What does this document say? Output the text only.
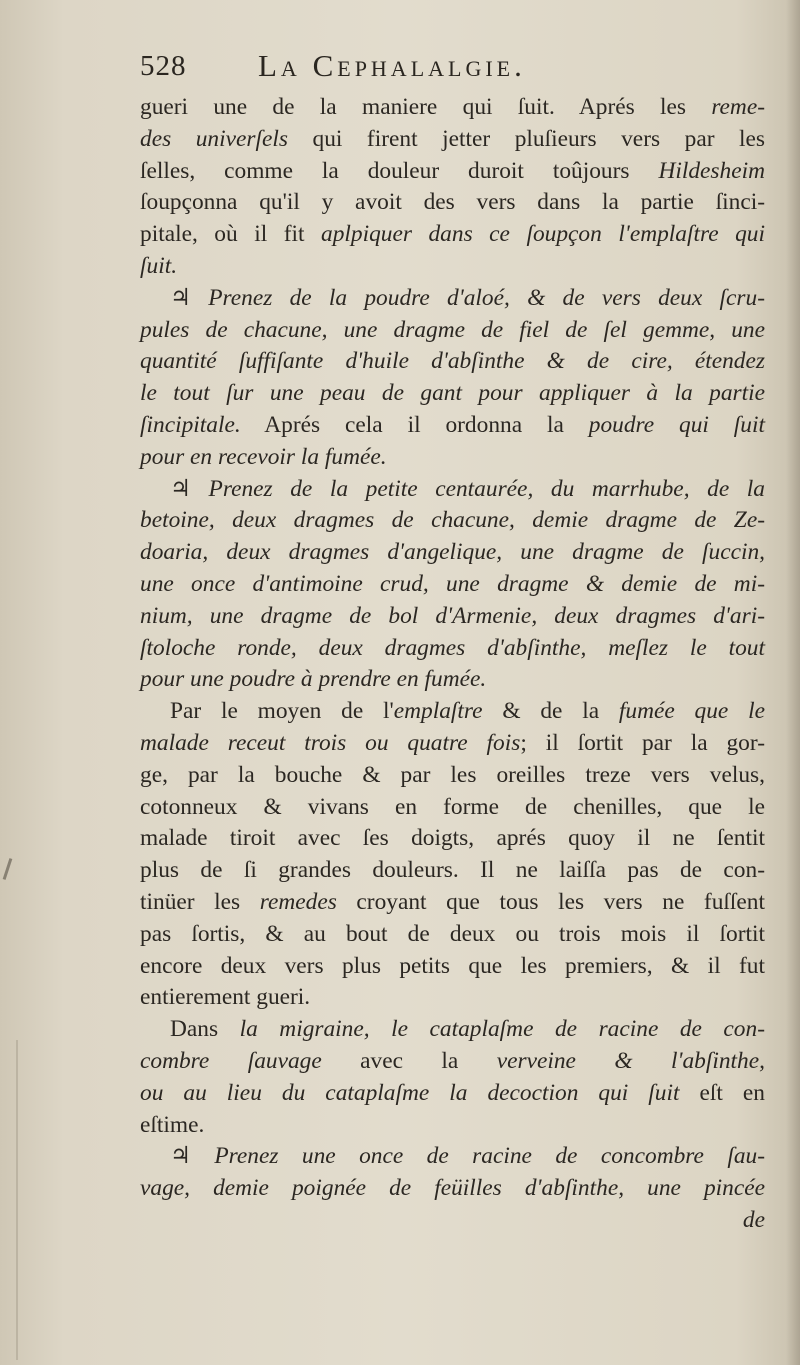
528 La Cephalalgie.
gueri une de la maniere qui ſuit. Aprés les reme-
des univerſels qui firent jetter pluſieurs vers par les
ſelles, comme la douleur duroit toûjours Hildesheim
ſoupçonna qu'il y avoit des vers dans la partie ſinci-
pitale, où il fit aplpiquer dans ce ſoupçon l'emplaſtre qui
ſuit.
♃ Prenez de la poudre d'aloé, & de vers deux ſcru-
pules de chacune, une dragme de fiel de ſel gemme, une
quantité ſuffiſante d'huile d'abſinthe & de cire, étendez
le tout ſur une peau de gant pour appliquer à la partie
ſincipitale. Aprés cela il ordonna la poudre qui ſuit
pour en recevoir la fumée.
♃ Prenez de la petite centaurée, du marrhube, de la
betoine, deux dragmes de chacune, demie dragme de Ze-
doaria, deux dragmes d'angelique, une dragme de ſuccin,
une once d'antimoine crud, une dragme & demie de mi-
nium, une dragme de bol d'Armenie, deux dragmes d'ari-
ſtoloche ronde, deux dragmes d'abſinthe, meſlez le tout
pour une poudre à prendre en fumée.
Par le moyen de l'emplaſtre & de la fumée que le
malade receut trois ou quatre fois; il ſortit par la gor-
ge, par la bouche & par les oreilles treze vers velus,
cotonneux & vivans en forme de chenilles, que le
malade tiroit avec ſes doigts, aprés quoy il ne ſentit
plus de ſi grandes douleurs. Il ne laiſſa pas de con-
tinüer les remedes croyant que tous les vers ne fuſſent
pas ſortis, & au bout de deux ou trois mois il ſortit
encore deux vers plus petits que les premiers, & il fut
entierement gueri.
Dans la migraine, le cataplaſme de racine de con-
combre ſauvage avec la verveine & l'abſinthe,
ou au lieu du cataplaſme la decoction qui ſuit eſt en
eſtime.
♃ Prenez une once de racine de concombre ſau-
vage, demie poignée de feüilles d'abſinthe, une pincée
de
